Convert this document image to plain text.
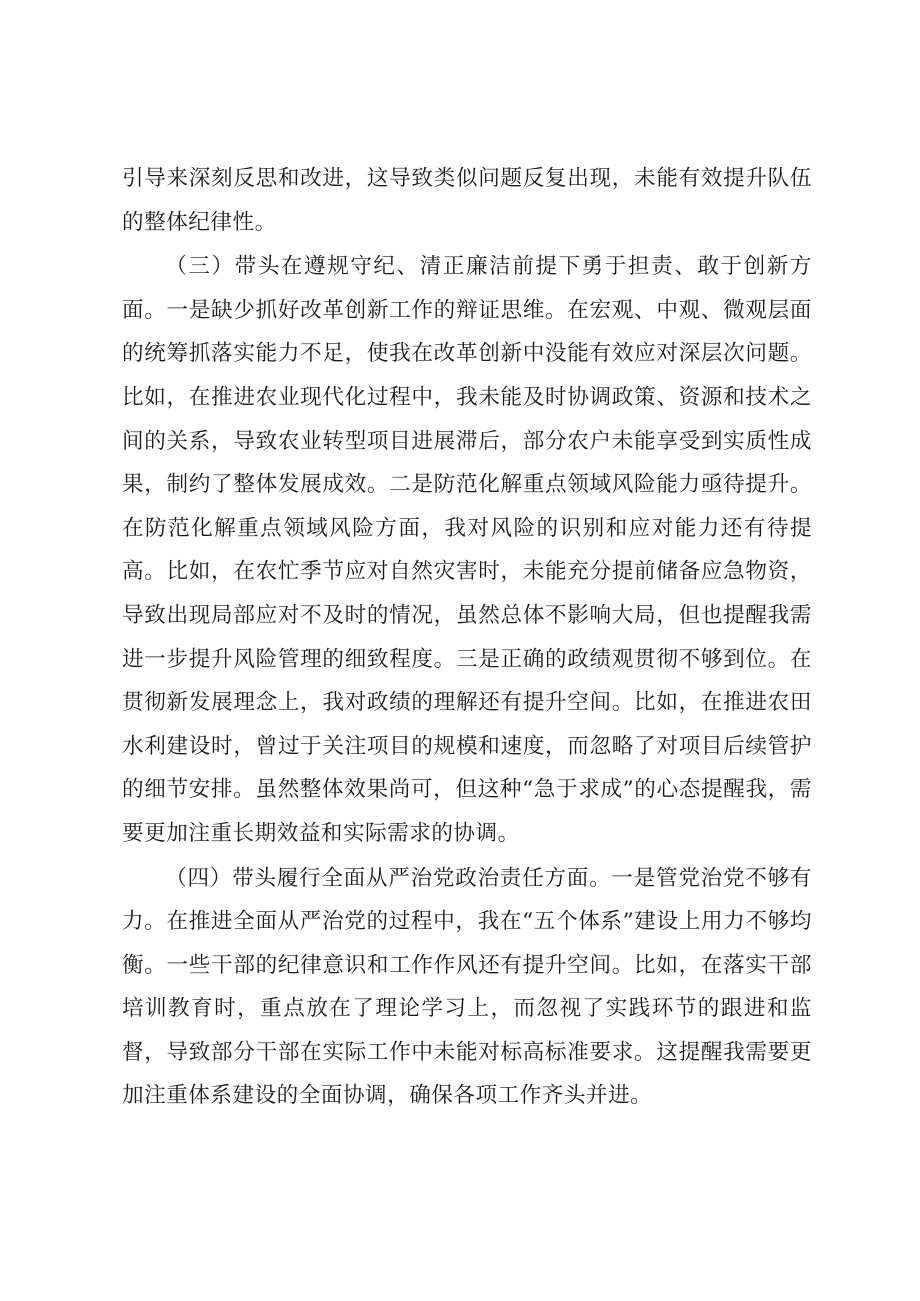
引导来深刻反思和改进，这导致类似问题反复出现，未能有效提升队伍的整体纪律性。

（三）带头在遵规守纪、清正廉洁前提下勇于担责、敢于创新方面。一是缺少抓好改革创新工作的辩证思维。在宏观、中观、微观层面的统筹抓落实能力不足，使我在改革创新中没能有效应对深层次问题。比如，在推进农业现代化过程中，我未能及时协调政策、资源和技术之间的关系，导致农业转型项目进展滞后，部分农户未能享受到实质性成果，制约了整体发展成效。二是防范化解重点领域风险能力亟待提升。在防范化解重点领域风险方面，我对风险的识别和应对能力还有待提高。比如，在农忙季节应对自然灾害时，未能充分提前储备应急物资，导致出现局部应对不及时的情况，虽然总体不影响大局，但也提醒我需进一步提升风险管理的细致程度。三是正确的政绩观贯彻不够到位。在贯彻新发展理念上，我对政绩的理解还有提升空间。比如，在推进农田水利建设时，曾过于关注项目的规模和速度，而忽略了对项目后续管护的细节安排。虽然整体效果尚可，但这种“急于求成”的心态提醒我，需要更加注重长期效益和实际需求的协调。

（四）带头履行全面从严治党政治责任方面。一是管党治党不够有力。在推进全面从严治党的过程中，我在“五个体系”建设上用力不够均衡。一些干部的纪律意识和工作作风还有提升空间。比如，在落实干部培训教育时，重点放在了理论学习上，而忽视了实践环节的跟进和监督，导致部分干部在实际工作中未能对标高标准要求。这提醒我需要更加注重体系建设的全面协调，确保各项工作齐头并进。
